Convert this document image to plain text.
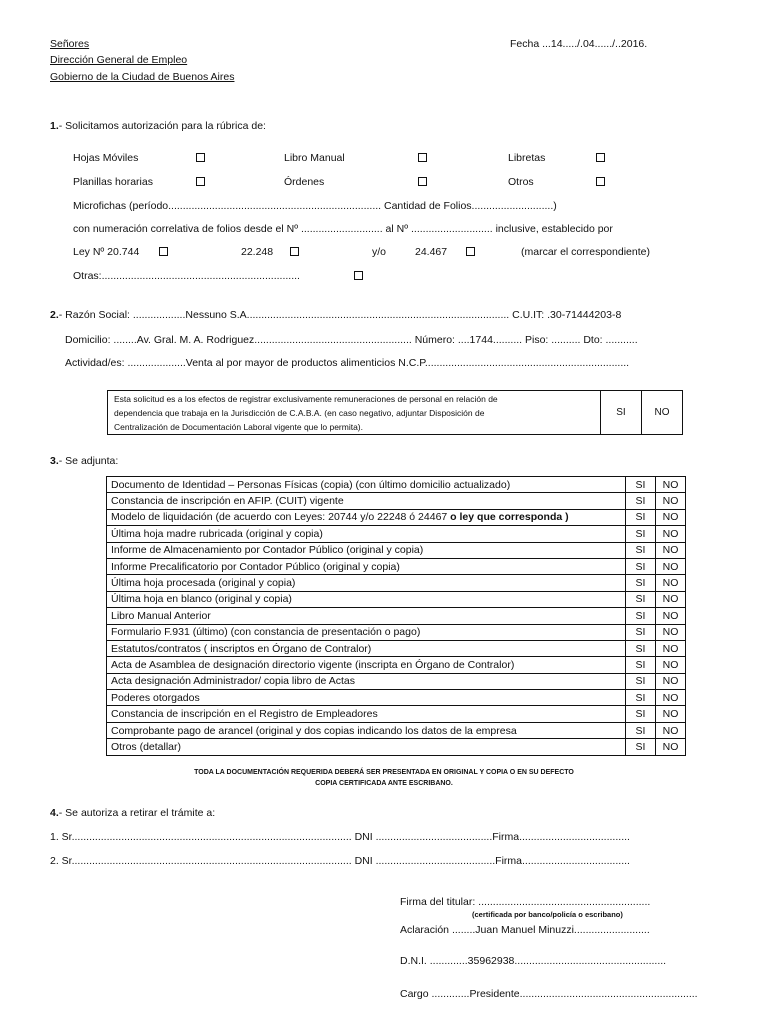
Señores
Dirección General de Empleo
Gobierno de la Ciudad de Buenos Aires
Fecha ...14...../.04....../..2016.
1.- Solicitamos autorización para la rúbrica de:
Hojas Móviles	Libro Manual	Libretas
Planillas horarias	Órdenes	Otros
Microfichas (período......................................................................... Cantidad de Folios............................)
con numeración correlativa de folios desde el Nº ............................ al Nº ............................ inclusive, establecido por
Ley Nº 20.744	22.248	y/o	24.467	(marcar el correspondiente)
Otras:....................................................................
2.- Razón Social: ..................Nessuno S.A.......................................................................................... C.U.IT: .30-71444203-8
Domicilio: ........Av. Gral. M. A. Rodriguez...................................................... Número: ....1744.......... Piso: .......... Dto: ...........
Actividad/es: ....................Venta al por mayor de productos alimenticios N.C.P......................................................................
Esta solicitud es a los efectos de registrar exclusivamente remuneraciones de personal en relación de
dependencia que trabaja en la Jurisdicción de C.A.B.A. (en caso negativo, adjuntar Disposición de
Centralización de Documentación Laboral vigente que lo permita).
	SI	NO
3.- Se adjunta:
Documento de Identidad – Personas Físicas (copia) (con último domicilio actualizado)	SI	NO
Constancia de inscripción en AFIP. (CUIT) vigente	SI	NO
Modelo de liquidación (de acuerdo con Leyes: 20744 y/o 22248 ó 24467 o ley que corresponda )	SI	NO
Última hoja madre rubricada (original y copia)	SI	NO
Informe de Almacenamiento por Contador Público (original y copia)	SI	NO
Informe Precalificatorio por Contador Público (original y copia)	SI	NO
Última hoja procesada (original y copia)	SI	NO
Última hoja en blanco (original y copia)	SI	NO
Libro Manual Anterior	SI	NO
Formulario F.931 (último) (con constancia de presentación o pago)	SI	NO
Estatutos/contratos ( inscriptos en Órgano de Contralor)	SI	NO
Acta de Asamblea de designación directorio vigente (inscripta en Órgano de Contralor)	SI	NO
Acta designación Administrador/ copia libro de Actas	SI	NO
Poderes otorgados	SI	NO
Constancia de inscripción en el Registro de Empleadores	SI	NO
Comprobante pago de arancel (original y dos copias indicando los datos de la empresa	SI	NO
Otros (detallar)	SI	NO
TODA LA DOCUMENTACIÓN REQUERIDA DEBERÁ SER PRESENTADA EN ORIGINAL Y COPIA O EN SU DEFECTO
COPIA CERTIFICADA ANTE ESCRIBANO.
4.- Se autoriza a retirar el trámite a:
1. Sr................................................................................................ DNI ........................................Firma......................................
2. Sr................................................................................................ DNI .........................................Firma.....................................
Firma del titular: ...........................................................
(certificada por banco/policía o escribano)
Aclaración ........Juan Manuel Minuzzi..........................
D.N.I. .............35962938....................................................
Cargo .............Presidente.............................................................
